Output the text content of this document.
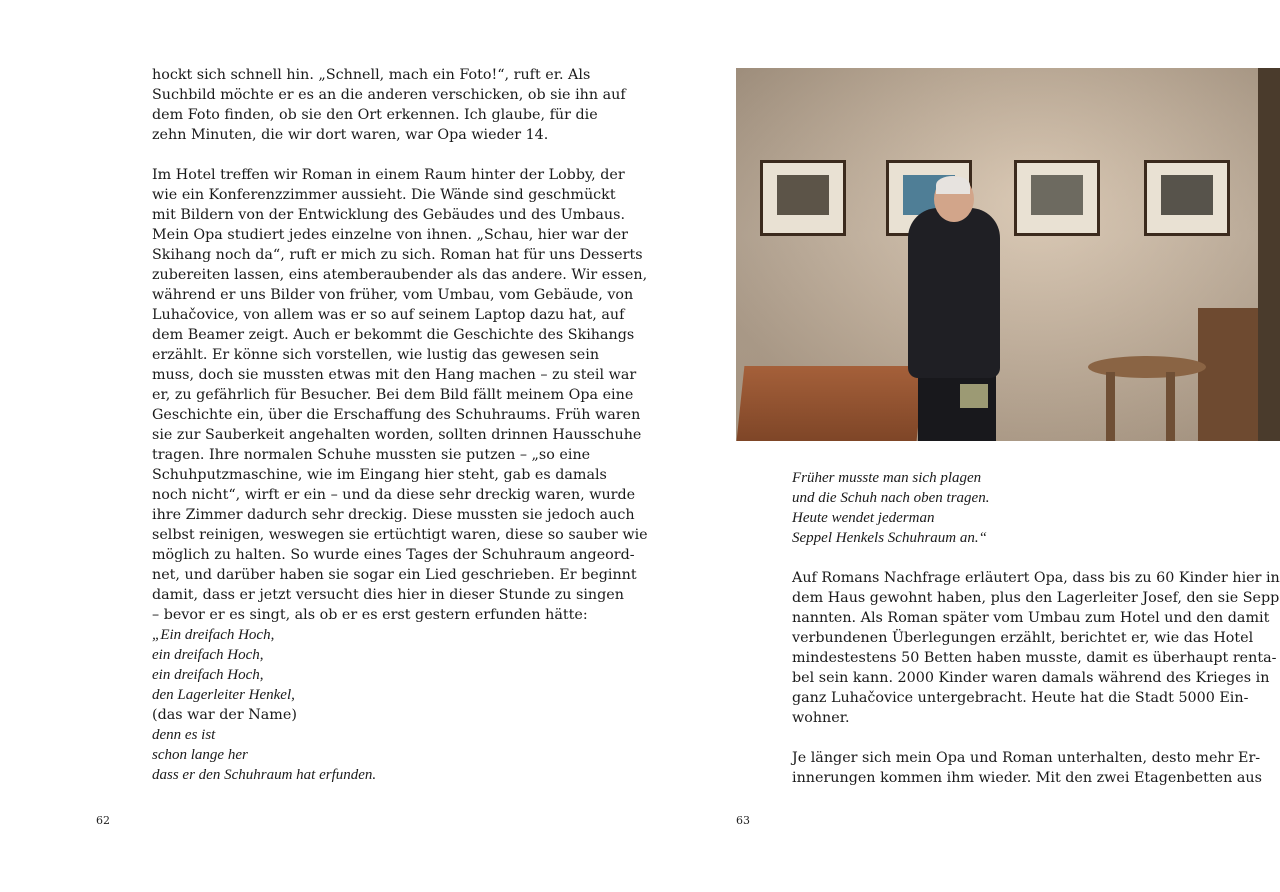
hockt sich schnell hin. „Schnell, mach ein Foto!“, ruft er. Als
Suchbild möchte er es an die anderen verschicken, ob sie ihn auf
dem Foto finden, ob sie den Ort erkennen. Ich glaube, für die
zehn Minuten, die wir dort waren, war Opa wieder 14.
Im Hotel treffen wir Roman in einem Raum hinter der Lobby, der
wie ein Konferenzzimmer aussieht. Die Wände sind geschmückt
mit Bildern von der Entwicklung des Gebäudes und des Umbaus.
Mein Opa studiert jedes einzelne von ihnen. „Schau, hier war der
Skihang noch da“, ruft er mich zu sich. Roman hat für uns Desserts
zubereiten lassen, eins atemberaubender als das andere. Wir essen,
während er uns Bilder von früher, vom Umbau, vom Gebäude, von
Luhačovice, von allem was er so auf seinem Laptop dazu hat, auf
dem Beamer zeigt. Auch er bekommt die Geschichte des Skihangs
erzählt. Er könne sich vorstellen, wie lustig das gewesen sein
muss, doch sie mussten etwas mit den Hang machen – zu steil war
er, zu gefährlich für Besucher. Bei dem Bild fällt meinem Opa eine
Geschichte ein, über die Erschaffung des Schuhraums. Früh waren
sie zur Sauberkeit angehalten worden, sollten drinnen Hausschuhe
tragen. Ihre normalen Schuhe mussten sie putzen – „so eine
Schuhputzmaschine, wie im Eingang hier steht, gab es damals
noch nicht“, wirft er ein – und da diese sehr dreckig waren, wurde
ihre Zimmer dadurch sehr dreckig. Diese mussten sie jedoch auch
selbst reinigen, weswegen sie ertüchtigt waren, diese so sauber wie
möglich zu halten. So wurde eines Tages der Schuhraum angeord-
net, und darüber haben sie sogar ein Lied geschrieben. Er beginnt
damit, dass er jetzt versucht dies hier in dieser Stunde zu singen
– bevor er es singt, als ob er es erst gestern erfunden hätte:
„Ein dreifach Hoch,
ein dreifach Hoch,
ein dreifach Hoch,
den Lagerleiter Henkel,
(das war der Name)
denn es ist
schon lange her
dass er den Schuhraum hat erfunden.
62
Früher musste man sich plagen
und die Schuh nach oben tragen.
Heute wendet jederman
Seppel Henkels Schuhraum an.“
Auf Romans Nachfrage erläutert Opa, dass bis zu 60 Kinder hier in
dem Haus gewohnt haben, plus den Lagerleiter Josef, den sie Sepp
nannten. Als Roman später vom Umbau zum Hotel und den damit
verbundenen Überlegungen erzählt, berichtet er, wie das Hotel
mindestestens 50 Betten haben musste, damit es überhaupt renta-
bel sein kann. 2000 Kinder waren damals während des Krieges in
ganz Luhačovice untergebracht. Heute hat die Stadt 5000 Ein-
wohner.
Je länger sich mein Opa und Roman unterhalten, desto mehr Er-
innerungen kommen ihm wieder. Mit den zwei Etagenbetten aus
63
